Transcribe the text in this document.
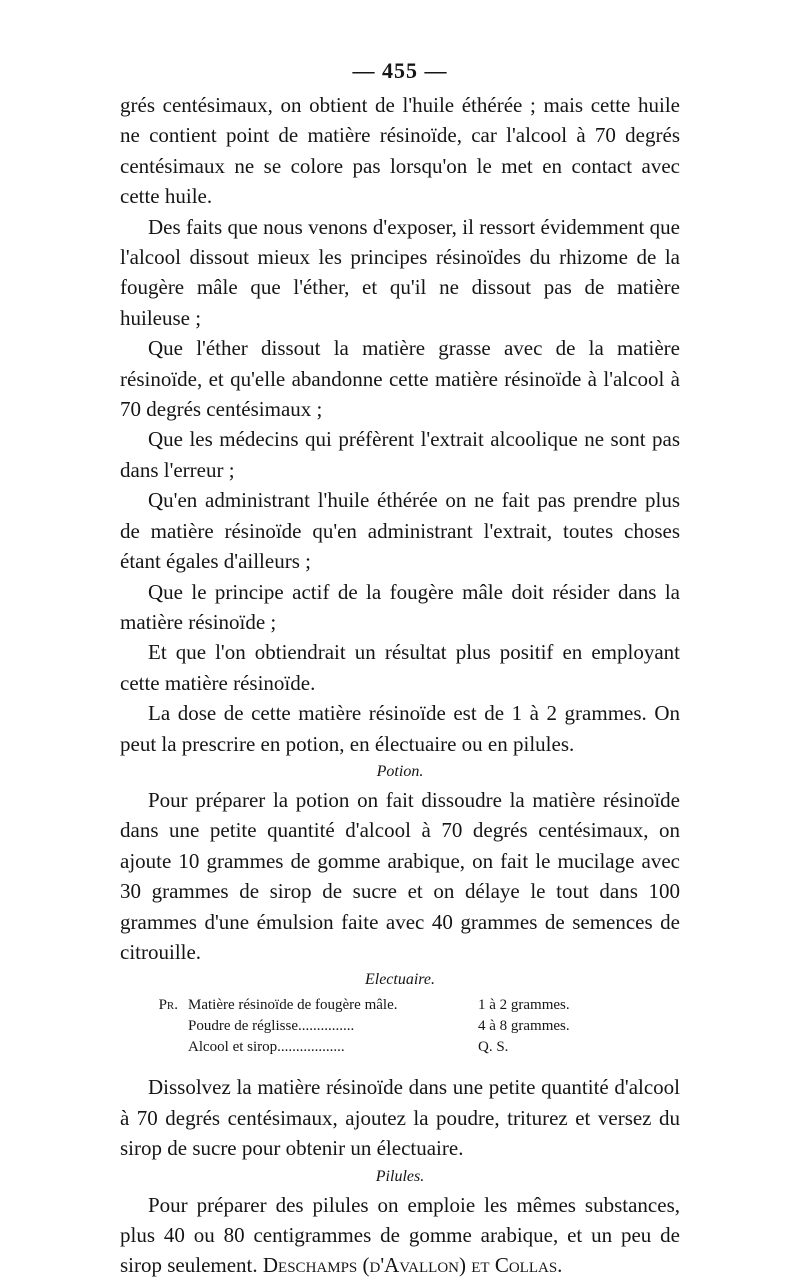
— 455 —

grés centésimaux, on obtient de l'huile éthérée ; mais cette huile ne contient point de matière résinoïde, car l'alcool à 70 degrés centésimaux ne se colore pas lorsqu'on le met en contact avec cette huile.

Des faits que nous venons d'exposer, il ressort évidemment que l'alcool dissout mieux les principes résinoïdes du rhizome de la fougère mâle que l'éther, et qu'il ne dissout pas de matière huileuse ;

Que l'éther dissout la matière grasse avec de la matière résinoïde, et qu'elle abandonne cette matière résinoïde à l'alcool à 70 degrés centésimaux ;

Que les médecins qui préfèrent l'extrait alcoolique ne sont pas dans l'erreur ;

Qu'en administrant l'huile éthérée on ne fait pas prendre plus de matière résinoïde qu'en administrant l'extrait, toutes choses étant égales d'ailleurs ;

Que le principe actif de la fougère mâle doit résider dans la matière résinoïde ;

Et que l'on obtiendrait un résultat plus positif en employant cette matière résinoïde.

La dose de cette matière résinoïde est de 1 à 2 grammes. On peut la prescrire en potion, en électuaire ou en pilules.

Potion.

Pour préparer la potion on fait dissoudre la matière résinoïde dans une petite quantité d'alcool à 70 degrés centésimaux, on ajoute 10 grammes de gomme arabique, on fait le mucilage avec 30 grammes de sirop de sucre et on délaye le tout dans 100 grammes d'une émulsion faite avec 40 grammes de semences de citrouille.

Electuaire.

Pr. Matière résinoïde de fougère mâle.	1 à 2 grammes.
Poudre de réglisse...............	4 à 8 grammes.
Alcool et sirop..................	Q. S.

Dissolvez la matière résinoïde dans une petite quantité d'alcool à 70 degrés centésimaux, ajoutez la poudre, triturez et versez du sirop de sucre pour obtenir un électuaire.

Pilules.

Pour préparer des pilules on emploie les mêmes substances, plus 40 ou 80 centigrammes de gomme arabique, et un peu de sirop seulement. Deschamps (d'Avallon) et Collas.
